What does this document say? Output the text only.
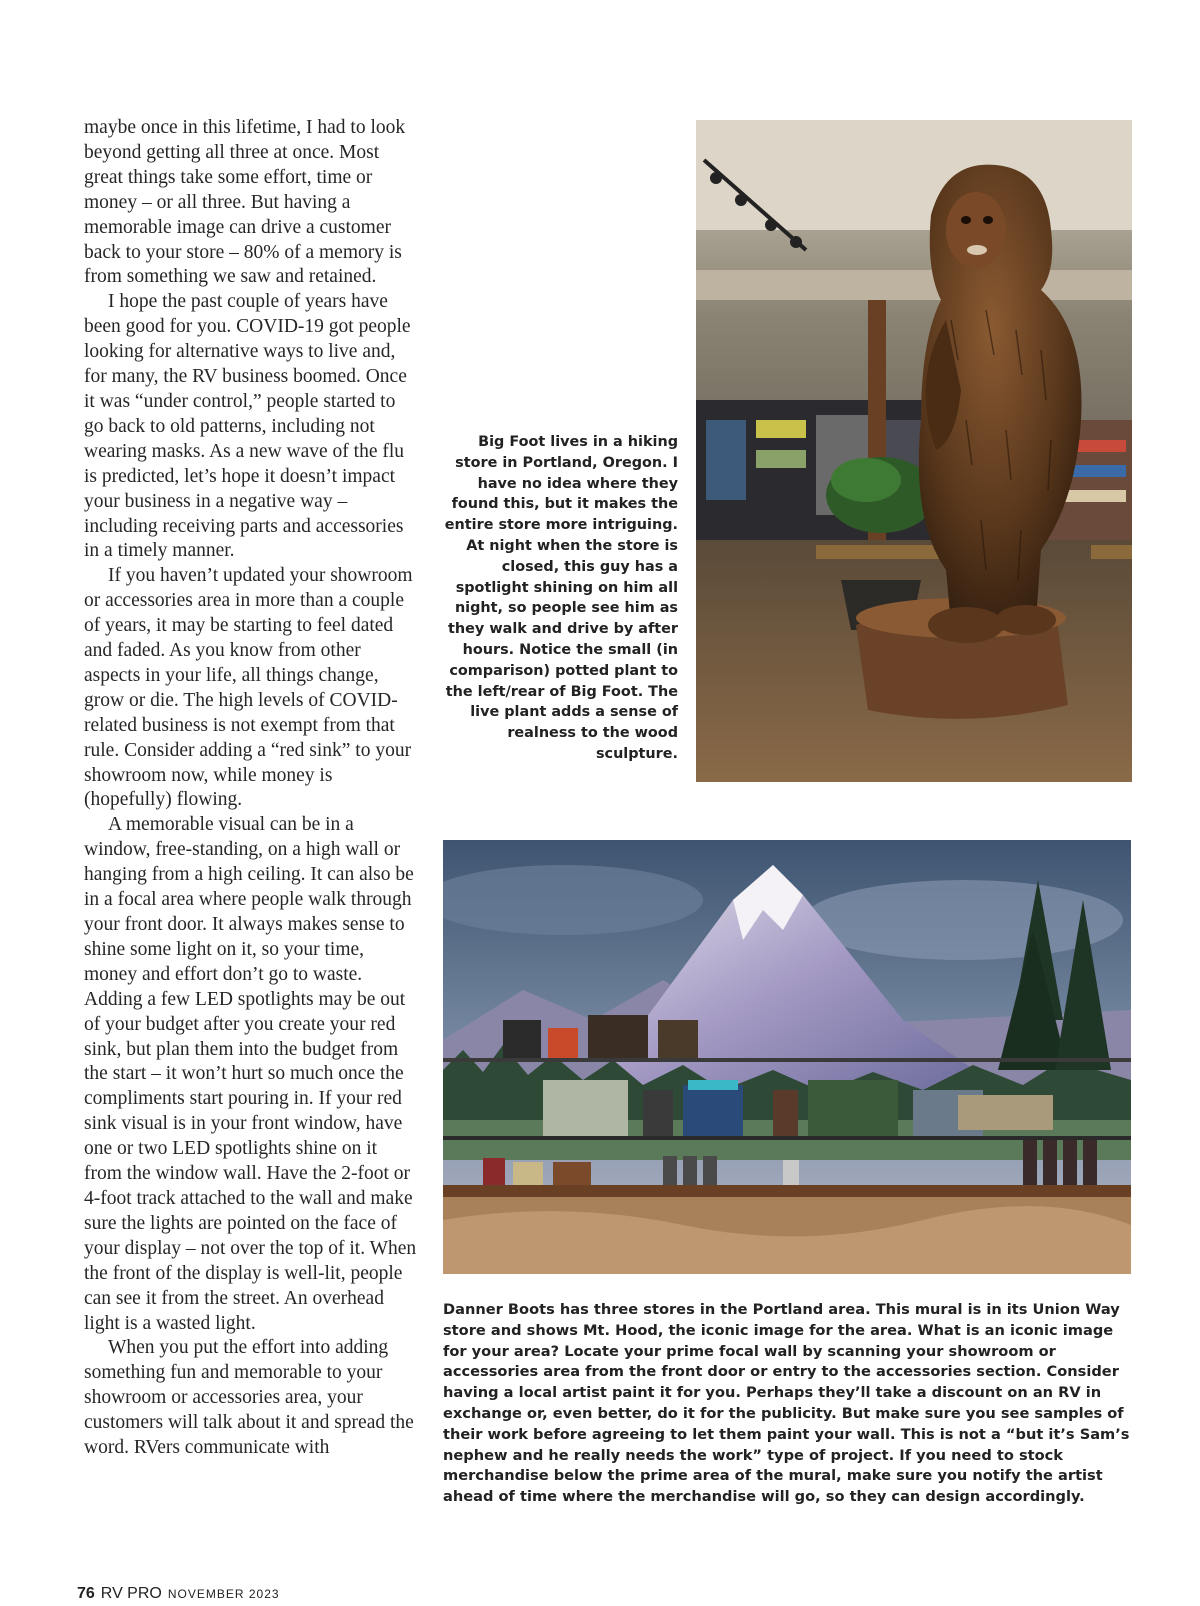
maybe once in this lifetime, I had to look beyond getting all three at once. Most great things take some effort, time or money – or all three. But having a memorable image can drive a customer back to your store – 80% of a memory is from something we saw and retained.

I hope the past couple of years have been good for you. COVID-19 got people looking for alternative ways to live and, for many, the RV business boomed. Once it was “under control,” people started to go back to old patterns, including not wearing masks. As a new wave of the flu is predicted, let’s hope it doesn’t impact your business in a negative way – including receiving parts and accessories in a timely manner.

If you haven’t updated your showroom or accessories area in more than a couple of years, it may be starting to feel dated and faded. As you know from other aspects in your life, all things change, grow or die. The high levels of COVID-related business is not exempt from that rule. Consider adding a “red sink” to your showroom now, while money is (hopefully) flowing.

A memorable visual can be in a window, free-standing, on a high wall or hanging from a high ceiling. It can also be in a focal area where people walk through your front door. It always makes sense to shine some light on it, so your time, money and effort don’t go to waste. Adding a few LED spotlights may be out of your budget after you create your red sink, but plan them into the budget from the start – it won’t hurt so much once the compliments start pouring in. If your red sink visual is in your front window, have one or two LED spotlights shine on it from the window wall. Have the 2-foot or 4-foot track attached to the wall and make sure the lights are pointed on the face of your display – not over the top of it. When the front of the display is well-lit, people can see it from the street. An overhead light is a wasted light.

When you put the effort into adding something fun and memorable to your showroom or accessories area, your customers will talk about it and spread the word. RVers communicate with

Big Foot lives in a hiking store in Portland, Oregon. I have no idea where they found this, but it makes the entire store more intriguing. At night when the store is closed, this guy has a spotlight shining on him all night, so people see him as they walk and drive by after hours. Notice the small (in comparison) potted plant to the left/rear of Big Foot. The live plant adds a sense of realness to the wood sculpture.
Danner Boots has three stores in the Portland area. This mural is in its Union Way store and shows Mt. Hood, the iconic image for the area. What is an iconic image for your area? Locate your prime focal wall by scanning your showroom or accessories area from the front door or entry to the accessories section. Consider having a local artist paint it for you. Perhaps they’ll take a discount on an RV in exchange or, even better, do it for the publicity. But make sure you see samples of their work before agreeing to let them paint your wall. This is not a “but it’s Sam’s nephew and he really needs the work” type of project. If you need to stock merchandise below the prime area of the mural, make sure you notify the artist ahead of time where the merchandise will go, so they can design accordingly.
76 RV PRO NOVEMBER 2023
